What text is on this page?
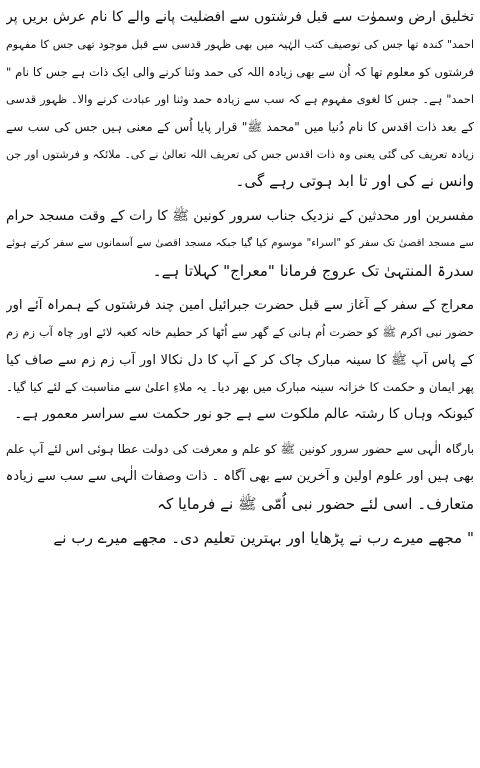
تخلیق ارض وسموٰت سے قبل فرشتوں سے افضلیت پانے والے کا نام عرش بریں پر
احمد" کندہ تھا جس کی توصیف کتب الہٰیہ میں بھی ظہور قدسی سے قبل موجود تھی جس کا مفہوم
فرشتوں کو معلوم تھا کہ اُن سے بھی زیادہ اللہ کی حمد وثنا کرنے والی ایک ذات ہے جس کا نام "
احمد" ہے۔ جس کا لغوی مفہوم ہے کہ سب سے زیادہ حمد وثنا اور عبادت کرنے والا۔ ظہور قدسی
کے بعد ذات اقدس کا نام دُنیا میں "محمد ﷺ" قرار پایا اُس کے معنی ہیں جس کی سب سے
زیادہ تعریف کی گئی یعنی وہ ذات اقدس جس کی تعریف اللہ تعالیٰ نے کی۔ ملائکہ و فرشتوں اور جن
وانس نے کی اور تا ابد ہوتی رہے گی۔
مفسرین اور محدثین کے نزدیک جناب سرور کونین ﷺ کا رات کے وقت مسجد حرام
سے مسجد اقصیٰ تک سفر کو "اسراء" موسوم کیا گیا جبکہ مسجد اقصیٰ سے آسمانوں سے سفر کرتے ہوئے
سدرۃ المنتہیٰ تک عروج فرمانا "معراج" کہلاتا ہے۔
معراج کے سفر کے آغاز سے قبل حضرت جبرائیل امین چند فرشتوں کے ہمراہ آئے اور
حضور نبی اکرم ﷺ کو حضرت اُم ہانی کے گھر سے اُٹھا کر حطیم خانہ کعبہ لائے اور چاہ آب زم زم
کے پاس آپ ﷺ کا سینہ مبارک چاک کر کے آپ کا دل نکالا اور آب زم زم سے صاف کیا
پھر ایمان و حکمت کا خزانہ سینہ مبارک میں بھر دیا۔ یہ ملاءِ اعلیٰ سے مناسبت کے لئے کیا گیا۔
کیونکہ وہاں کا رشتہ عالم ملکوت سے ہے جو نور حکمت سے سراسر معمور ہے۔
بارگاہ الٰہی سے حضور سرور کونین ﷺ کو علم و معرفت کی دولت عطا ہوئی اس لئے آپ علم
بھی ہیں اور علوم اولین و آخرین سے بھی آگاہ ۔ ذات وصفات الٰہی سے سب سے زیادہ
متعارف۔ اسی لئے حضور نبی اُمّی ﷺ نے فرمایا کہ
" مجھے میرے رب نے پڑھایا اور بہترین تعلیم دی۔ مجھے میرے رب نے
